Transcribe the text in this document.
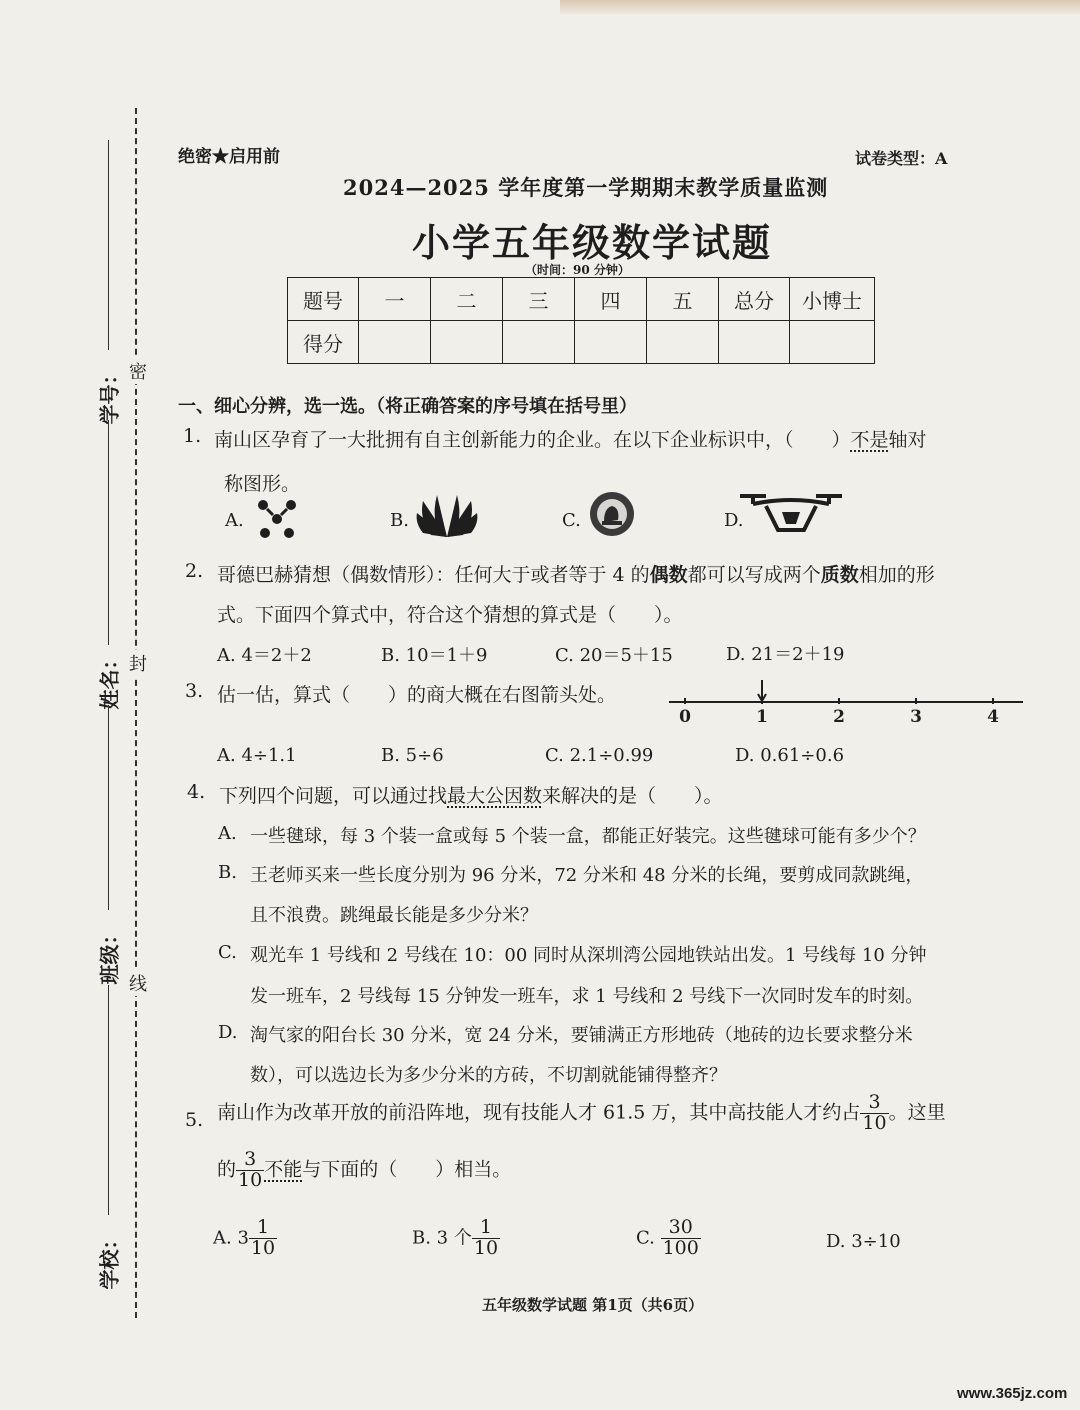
密
封
线
学号：
姓名：
班级：
学校：
绝密★启用前	试卷类型：A
2024—2025 学年度第一学期期末教学质量监测
小学五年级数学试题
（时间：90 分钟）
题号	一	二	三	四	五	总分	小博士
得分							
一、细心分辨，选一选。（将正确答案的序号填在括号里）
1. 南山区孕育了一大批拥有自主创新能力的企业。在以下企业标识中，（　　）不是轴对
称图形。
A.	B.	C.	D.
2. 哥德巴赫猜想（偶数情形）：任何大于或者等于 4 的偶数都可以写成两个质数相加的形
式。下面四个算式中，符合这个猜想的算式是（　　）。
A. 4＝2＋2	B. 10＝1＋9	C. 20＝5＋15	D. 21＝2＋19
3. 估一估，算式（　　）的商大概在右图箭头处。
0	1	2	3	4
A. 4÷1.1	B. 5÷6	C. 2.1÷0.99	D. 0.61÷0.6
4. 下列四个问题，可以通过找最大公因数来解决的是（　　）。
A. 一些毽球，每 3 个装一盒或每 5 个装一盒，都能正好装完。这些毽球可能有多少个？
B. 王老师买来一些长度分别为 96 分米，72 分米和 48 分米的长绳，要剪成同款跳绳，
且不浪费。跳绳最长能是多少分米？
C. 观光车 1 号线和 2 号线在 10：00 同时从深圳湾公园地铁站出发。1 号线每 10 分钟
发一班车，2 号线每 15 分钟发一班车，求 1 号线和 2 号线下一次同时发车的时刻。
D. 淘气家的阳台长 30 分米，宽 24 分米，要铺满正方形地砖（地砖的边长要求整分米
数），可以选边长为多少分米的方砖，不切割就能铺得整齐？
5. 南山作为改革开放的前沿阵地，现有技能人才 61.5 万，其中高技能人才约占 $\frac{3}{10}$ 。这里
的 $\frac{3}{10}$ 不能与下面的（　　）相当。
A. $3 \frac{1}{10}$	B. 3 个 $\frac{1}{10}$	C. $\frac{30}{100}$	D. 3÷10
五年级数学试题 第1页（共6页）
www.365jz.com
